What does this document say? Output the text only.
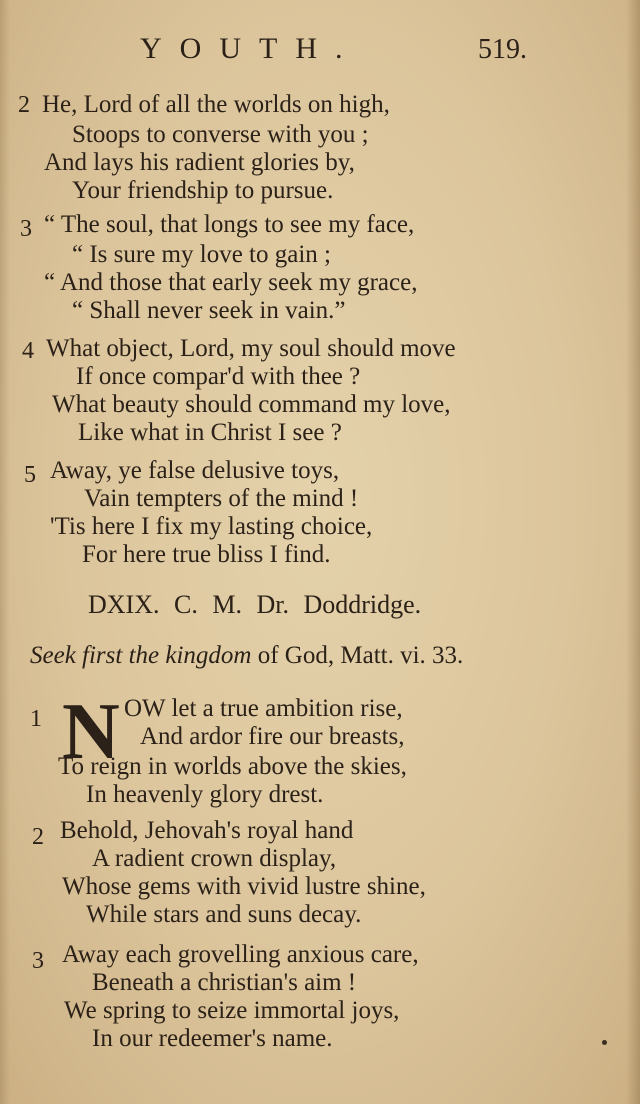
YOUTH.	519.
2 He, Lord of all the worlds on high,
Stoops to converse with you ;
And lays his radient glories by,
Your friendship to pursue.
3 “ The soul, that longs to see my face,
“ Is sure my love to gain ;
“ And those that early seek my grace,
“ Shall never seek in vain.”
4 What object, Lord, my soul should move
If once compar'd with thee ?
What beauty should command my love,
Like what in Christ I see ?
5 Away, ye false delusive toys,
Vain tempters of the mind !
'Tis here I fix my lasting choice,
For here true bliss I find.
DXIX. C. M. Dr. Doddridge.
Seek first the kingdom of God, Matt. vi. 33.
1 N OW let a true ambition rise,
And ardor fire our breasts,
To reign in worlds above the skies,
In heavenly glory drest.
2 Behold, Jehovah's royal hand
A radient crown display,
Whose gems with vivid lustre shine,
While stars and suns decay.
3 Away each grovelling anxious care,
Beneath a christian's aim !
We spring to seize immortal joys,
In our redeemer's name.
